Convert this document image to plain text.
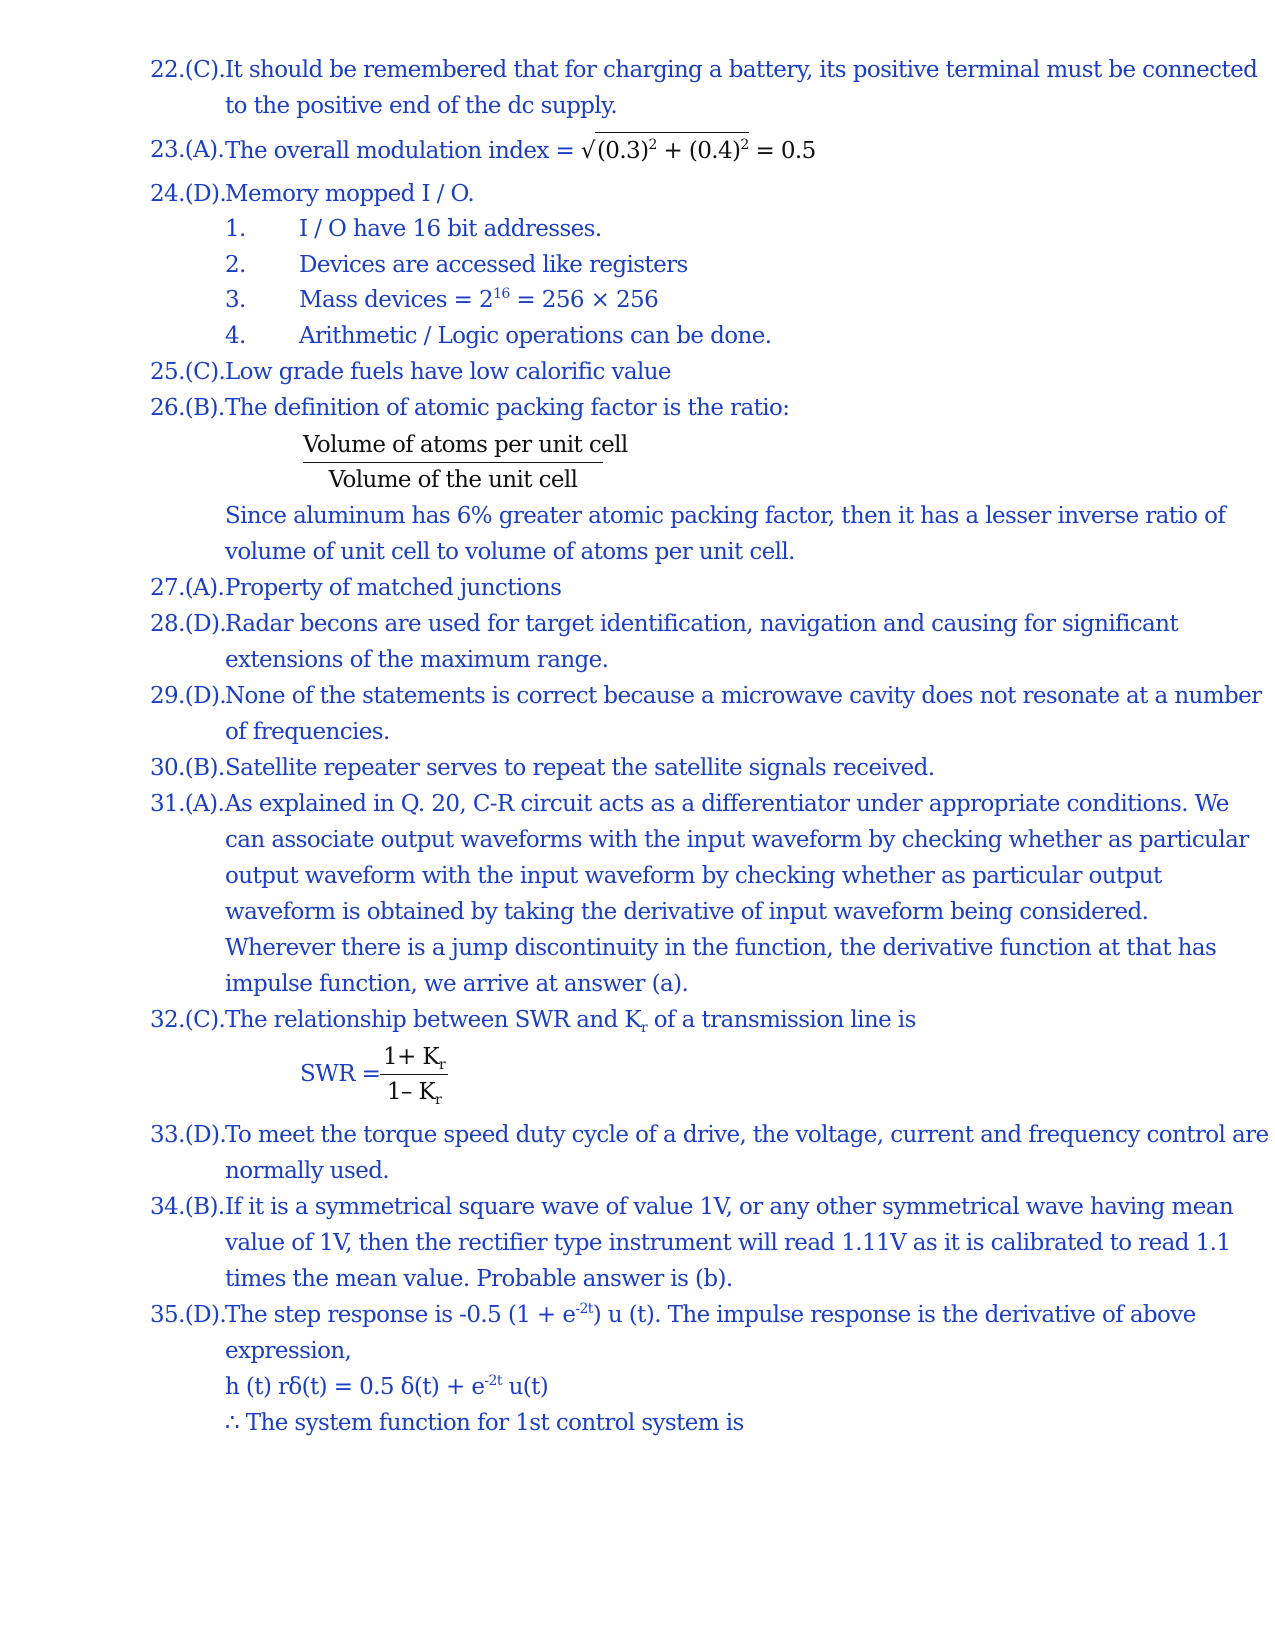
22.(C). It should be remembered that for charging a battery, its positive terminal must be connected
to the positive end of the dc supply.
23.(A). The overall modulation index = $√(0.3)^2 + (0.4)^2 = 0.5$
24.(D).
Memory mopped I / O.
1. I / O have 16 bit addresses.
2. Devices are accessed like registers
3. Mass devices = $2^{16} = 256 \times 256$
4. Arithmetic / Logic operations can be done.
25.(C). Low grade fuels have low calorific value
26.(B). The definition of atomic packing factor is the ratio:
Volume of atoms per unit cell
Volume of the unit cell
Since aluminum has 6% greater atomic packing factor, then it has a lesser inverse ratio of
volume of unit cell to volume of atoms per unit cell.
27.(A). Property of matched junctions
28.(D).
Radar becons are used for target identification, navigation and causing for significant
extensions of the maximum range.
29.(D).
None of the statements is correct because a microwave cavity does not resonate at a number
of frequencies.
30.(B). Satellite repeater serves to repeat the satellite signals received.
31.(A). As explained in Q. 20, C-R circuit acts as a differentiator under appropriate conditions. We
can associate output waveforms with the input waveform by checking whether as particular
output waveform with the input waveform by checking whether as particular output
waveform is obtained by taking the derivative of input waveform being considered.
Wherever there is a jump discontinuity in the function, the derivative function at that has
impulse function, we arrive at answer (a).
32.(C). The relationship between SWR and $K_r$ of a transmission line is
SWR =
$1+ K_r$
1– $K_r$
33.(D).
To meet the torque speed duty cycle of a drive, the voltage, current and frequency control are
normally used.
34.(B). If it is a symmetrical square wave of value 1V, or any other symmetrical wave having mean
value of 1V, then the rectifier type instrument will read 1.11V as it is calibrated to read 1.1
times the mean value. Probable answer is (b).
35.(D).
The step response is -0.5 $(1 + e^{-2t})$ u (t). The impulse response is the derivative of above
expression,
h (t) rδ(t) = 0.5 $\delta(t) + e^{-2t}$ u(t)
∴ The system function for 1st control system is
